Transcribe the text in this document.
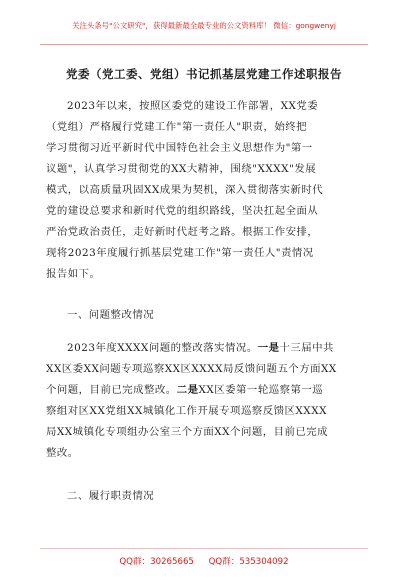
关注头条号"公文研究"，获得最新最全最专业的公文资料库！ 微信：gongwenyj
党委（党工委、党组）书记抓基层党建工作述职报告

2023年以来，按照区委党的建设工作部署，XX党委
（党组）严格履行党建工作"第一责任人"职责，始终把
学习贯彻习近平新时代中国特色社会主义思想作为"第一
议题"，认真学习贯彻党的XX大精神，围绕"XXXX"发展
模式，以高质量巩固XX成果为契机，深入贯彻落实新时代
党的建设总要求和新时代党的组织路线，坚决扛起全面从
严治党政治责任，走好新时代赶考之路。根据工作安排，
现将2023年度履行抓基层党建工作"第一责任人"责情况
报告如下。

一、问题整改情况

2023年度XXXX问题的整改落实情况。一是十三届中共
XX区委XX问题专项巡察XX区XXXX局反馈问题五个方面XX
个问题，目前已完成整改。二是XX区委第一轮巡察第一巡
察组对区XX党组XX城镇化工作开展专项巡察反馈区XXXX
局XX城镇化专项组办公室三个方面XX个问题，目前已完成
整改。

二、履行职责情况
QQ群：30265665 QQ群：535304092
